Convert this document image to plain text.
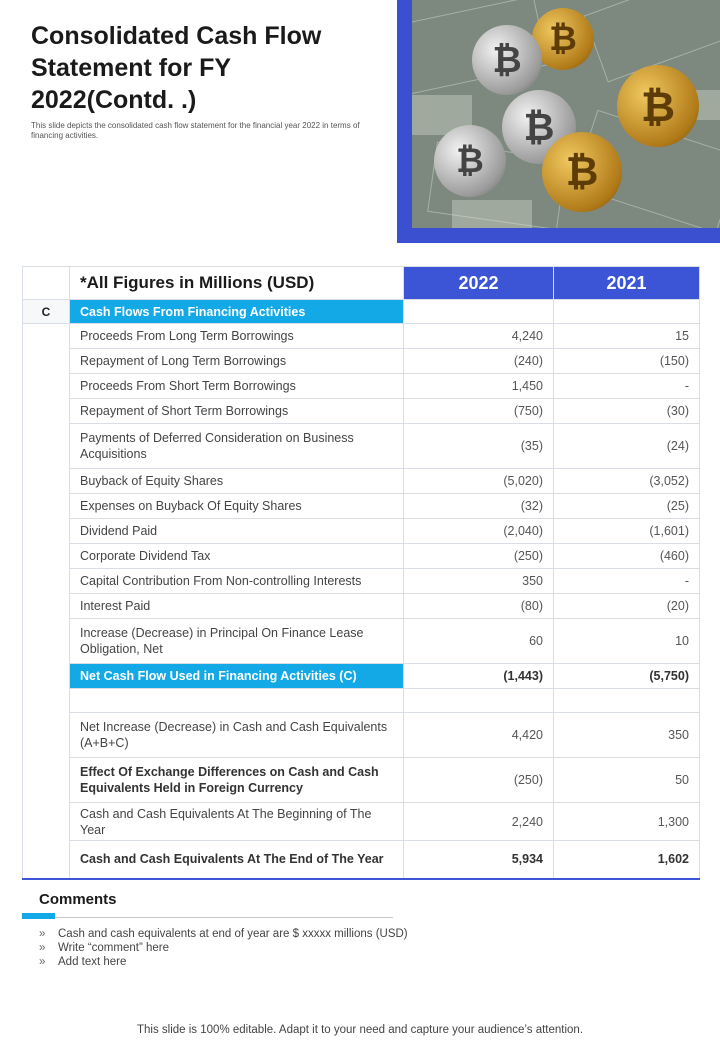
Consolidated Cash Flow Statement for FY 2022(Contd. .)

This slide depicts the consolidated cash flow statement for the financial year 2022 in terms of financing activities.

₿
₿
₿	₿
₿	₿
	*All Figures in Millions (USD)	2022	2021
C	Cash Flows From Financing Activities		
	Proceeds From Long Term Borrowings	4,240	15
	Repayment of Long Term Borrowings	(240)	(150)
	Proceeds From Short Term Borrowings	1,450	-
	Repayment of Short Term Borrowings	(750)	(30)
	Payments of Deferred Consideration on Business Acquisitions	(35)	(24)
	Buyback of Equity Shares	(5,020)	(3,052)
	Expenses on Buyback Of Equity Shares	(32)	(25)
	Dividend Paid	(2,040)	(1,601)
	Corporate Dividend Tax	(250)	(460)
	Capital Contribution From Non-controlling Interests	350	-
	Interest Paid	(80)	(20)
	Increase (Decrease) in Principal On Finance Lease Obligation, Net	60	10
	Net Cash Flow Used in Financing Activities (C)	(1,443)	(5,750)

	Net Increase (Decrease) in Cash and Cash Equivalents (A+B+C)	4,420	350
	Effect Of Exchange Differences on Cash and Cash Equivalents Held in Foreign Currency	(250)	50
	Cash and Cash Equivalents At The Beginning of The Year	2,240	1,300
	Cash and Cash Equivalents At The End of The Year	5,934	1,602
Comments
» Cash and cash equivalents at end of year are $ xxxxx millions (USD)
» Write “comment” here
» Add text here
This slide is 100% editable. Adapt it to your need and capture your audience’s attention.
